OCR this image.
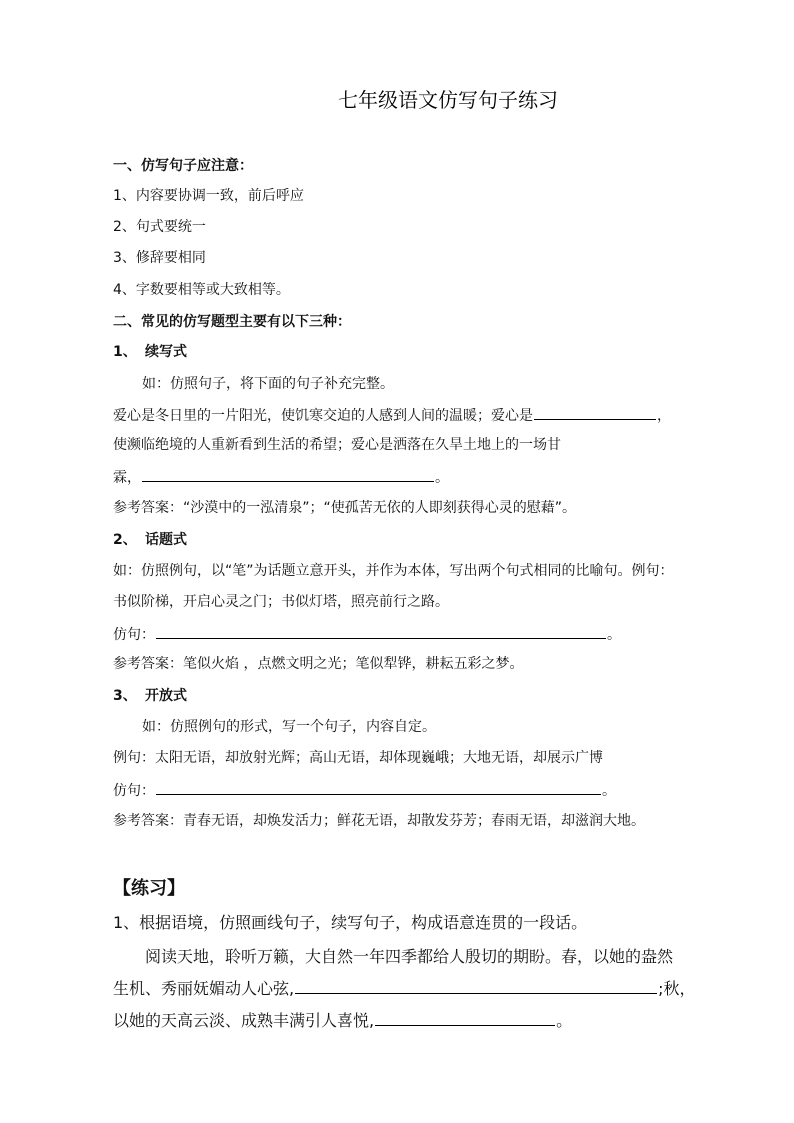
七年级语文仿写句子练习
一、仿写句子应注意：
1、内容要协调一致，前后呼应
2、句式要统一
3、修辞要相同
4、字数要相等或大致相等。
二、常见的仿写题型主要有以下三种：
1、 续写式
如：仿照句子，将下面的句子补充完整。
爱心是冬日里的一片阳光，使饥寒交迫的人感到人间的温暖；爱心是	，
使濒临绝境的人重新看到生活的希望；爱心是洒落在久旱土地上的一场甘
霖，	。
参考答案：“沙漠中的一泓清泉”；“使孤苦无依的人即刻获得心灵的慰藉”。
2、 话题式
如：仿照例句，以“笔”为话题立意开头，并作为本体，写出两个句式相同的比喻句。例句：
书似阶梯，开启心灵之门；书似灯塔，照亮前行之路。
仿句：	。
参考答案：笔似火焰 ，点燃文明之光；笔似犁铧，耕耘五彩之梦。
3、 开放式
如：仿照例句的形式，写一个句子，内容自定。
例句：太阳无语，却放射光辉；高山无语，却体现巍峨；大地无语，却展示广博
仿句：	。
参考答案：青春无语，却焕发活力；鲜花无语，却散发芬芳；春雨无语，却滋润大地。
【练习】
1、根据语境，仿照画线句子，续写句子，构成语意连贯的一段话。
阅读天地，聆听万籁，大自然一年四季都给人殷切的期盼。春，以她的盎然
生机、秀丽妩媚动人心弦,	;秋，
以她的天高云淡、成熟丰满引人喜悦,	。
